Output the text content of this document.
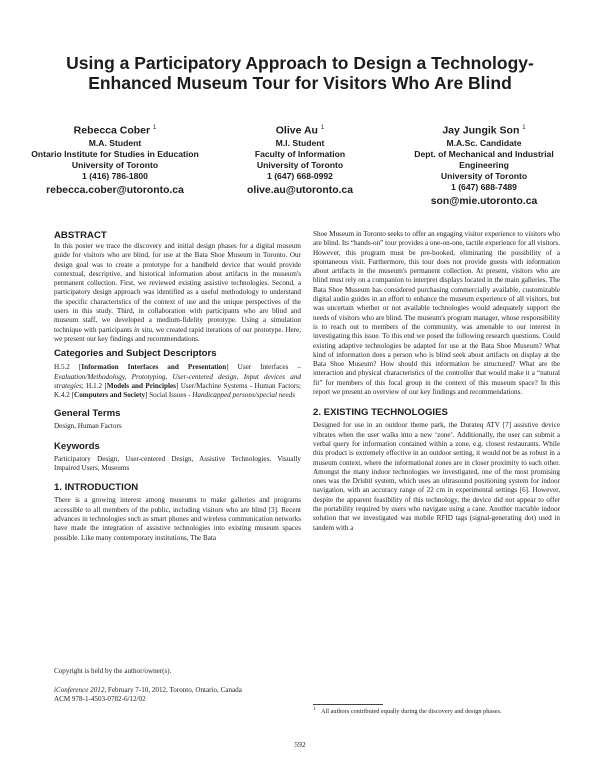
Using a Participatory Approach to Design a Technology-Enhanced Museum Tour for Visitors Who Are Blind
Rebecca Cober $^1$
M.A. Student
Ontario Institute for Studies in Education
University of Toronto
1 (416) 786-1800
rebecca.cober@utoronto.ca
Olive Au $^1$
M.I. Student
Faculty of Information
University of Toronto
1 (647) 668-0992
olive.au@utoronto.ca
Jay Jungik Son $^1$
M.A.Sc. Candidate
Dept. of Mechanical and Industrial Engineering
University of Toronto
1 (647) 688-7489
son@mie.utoronto.ca
ABSTRACT

In this poster we trace the discovery and initial design phases for a digital museum guide for visitors who are blind, for use at the Bata Shoe Museum in Toronto. Our design goal was to create a prototype for a handheld device that would provide contextual, descriptive, and historical information about artifacts in the museum's permanent collection. First, we reviewed existing assistive technologies. Second, a participatory design approach was identified as a useful methodology to understand the specific characteristics of the context of use and the unique perspectives of the users in this study. Third, in collaboration with participants who are blind and museum staff, we developed a medium-fidelity prototype. Using a simulation technique with participants in situ, we created rapid iterations of our prototype. Here, we present our key findings and recommendations.

Categories and Subject Descriptors

H.5.2 [Information Interfaces and Presentation] User Interfaces – Evaluation/Methodology, Prototyping, User-centered design, Input devices and strategies; H.1.2 [Models and Principles] User/Machine Systems - Human Factors; K.4.2 [Computers and Society] Social Issues - Handicapped persons/special needs

General Terms

Design, Human Factors

Keywords

Participatory Design, User-centered Design, Assistive Technologies, Visually Impaired Users, Museums

1. INTRODUCTION

There is a growing interest among museums to make galleries and programs accessible to all members of the public, including visitors who are blind [3]. Recent advances in technologies such as smart phones and wireless communication networks have made the integration of assistive technologies into existing museum spaces possible. Like many contemporary institutions, The Bata

Shoe Museum in Toronto seeks to offer an engaging visitor experience to visitors who are blind. Its “hands-on” tour provides a one-on-one, tactile experience for all visitors. However, this program must be pre-booked, eliminating the possibility of a spontaneous visit. Furthermore, this tour does not provide guests with information about artifacts in the museum's permanent collection. At present, visitors who are blind must rely on a companion to interpret displays located in the main galleries. The Bata Shoe Museum has considered purchasing commercially available, customizable digital audio guides in an effort to enhance the museum experience of all visitors, but was uncertain whether or not available technologies would adequately support the needs of visitors who are blind. The museum's program manager, whose responsibility is to reach out to members of the community, was amenable to our interest in investigating this issue. To this end we posed the following research questions. Could existing adaptive technologies be adapted for use at the Bata Shoe Museum? What kind of information does a person who is blind seek about artifacts on display at the Bata Shoe Museum? How should this information be structured? What are the interaction and physical characteristics of the controller that would make it a “natural fit” for members of this focal group in the context of this museum space? In this report we present an overview of our key findings and recommendations.

2. EXISTING TECHNOLOGIES

Designed for use in an outdoor theme park, the Durateq ATV [7] assistive device vibrates when the user walks into a new ‘zone’. Additionally, the user can submit a verbal query for information contained within a zone, e.g. closest restaurants. While this product is extremely effective in an outdoor setting, it would not be as robust in a museum context, where the informational zones are in closer proximity to each other. Amongst the many indoor technologies we investigated, one of the most promising ones was the Drishti system, which uses an ultrasound positioning system for indoor navigation, with an accuracy range of 22 cm in experimental settings [6]. However, despite the apparent feasibility of this technology, the device did not appear to offer the portability required by users who navigate using a cane. Another tractable indoor solution that we investigated was mobile RFID tags (signal-generating dot) used in tandem with a

Copyright is held by the author/owner(s).
iConference 2012, February 7-10, 2012, Toronto, Ontario, Canada
ACM 978-1-4503-0782-6/12/02
1 All authors contributed equally during the discovery and design phases.
592
